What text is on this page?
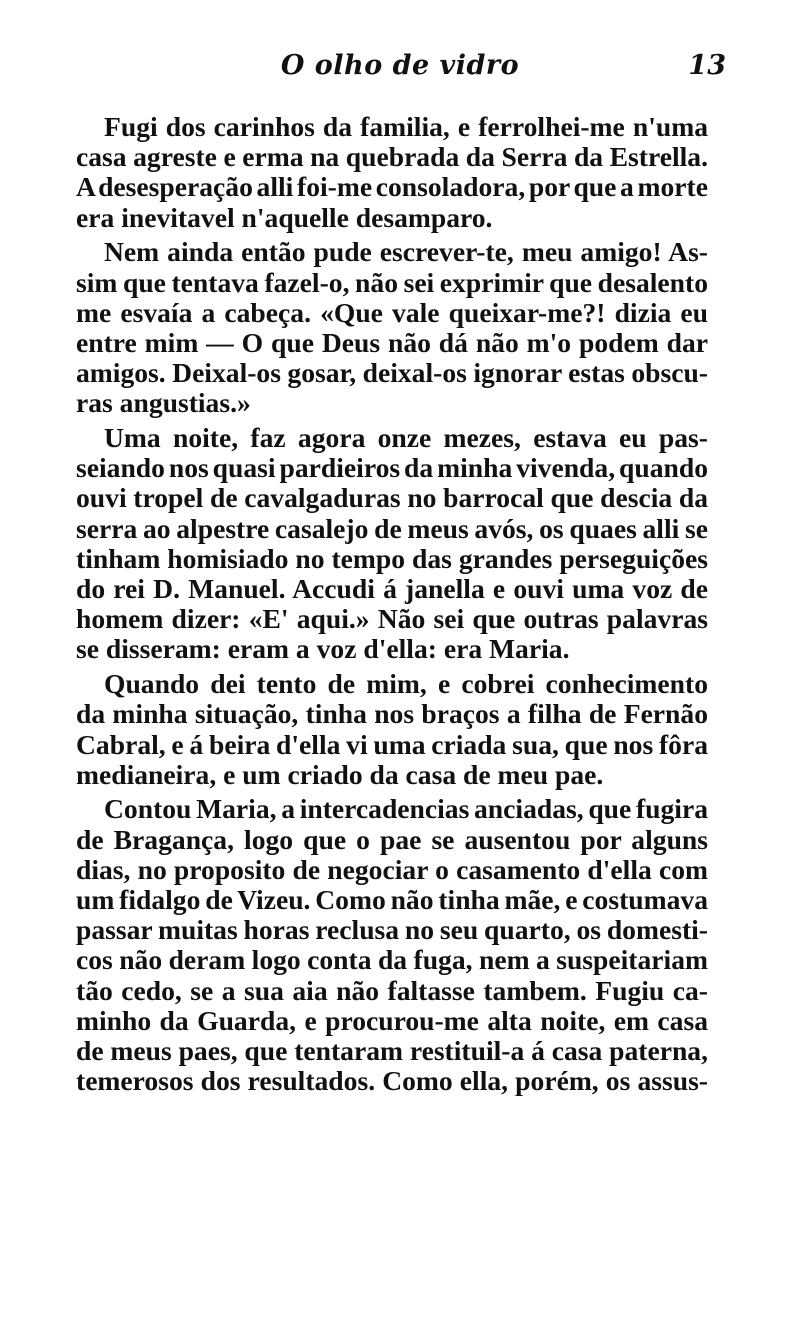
O olho de vidro	13
Fugi dos carinhos da familia, e ferrolhei-me n'uma
casa agreste e erma na quebrada da Serra da Estrella.
A desesperação alli foi-me consoladora, por que a morte
era inevitavel n'aquelle desamparo.
Nem ainda então pude escrever-te, meu amigo! As-
sim que tentava fazel-o, não sei exprimir que desalento
me esvaía a cabeça. «Que vale queixar-me?! dizia eu
entre mim — O que Deus não dá não m'o podem dar
amigos. Deixal-os gosar, deixal-os ignorar estas obscu-
ras angustias.»
Uma noite, faz agora onze mezes, estava eu pas-
seiando nos quasi pardieiros da minha vivenda, quando
ouvi tropel de cavalgaduras no barrocal que descia da
serra ao alpestre casalejo de meus avós, os quaes alli se
tinham homisiado no tempo das grandes perseguições
do rei D. Manuel. Accudi á janella e ouvi uma voz de
homem dizer: «E' aqui.» Não sei que outras palavras
se disseram: eram a voz d'ella: era Maria.
Quando dei tento de mim, e cobrei conhecimento
da minha situação, tinha nos braços a filha de Fernão
Cabral, e á beira d'ella vi uma criada sua, que nos fôra
medianeira, e um criado da casa de meu pae.
Contou Maria, a intercadencias anciadas, que fugira
de Bragança, logo que o pae se ausentou por alguns
dias, no proposito de negociar o casamento d'ella com
um fidalgo de Vizeu. Como não tinha mãe, e costumava
passar muitas horas reclusa no seu quarto, os domesti-
cos não deram logo conta da fuga, nem a suspeitariam
tão cedo, se a sua aia não faltasse tambem. Fugiu ca-
minho da Guarda, e procurou-me alta noite, em casa
de meus paes, que tentaram restituil-a á casa paterna,
temerosos dos resultados. Como ella, porém, os assus-
